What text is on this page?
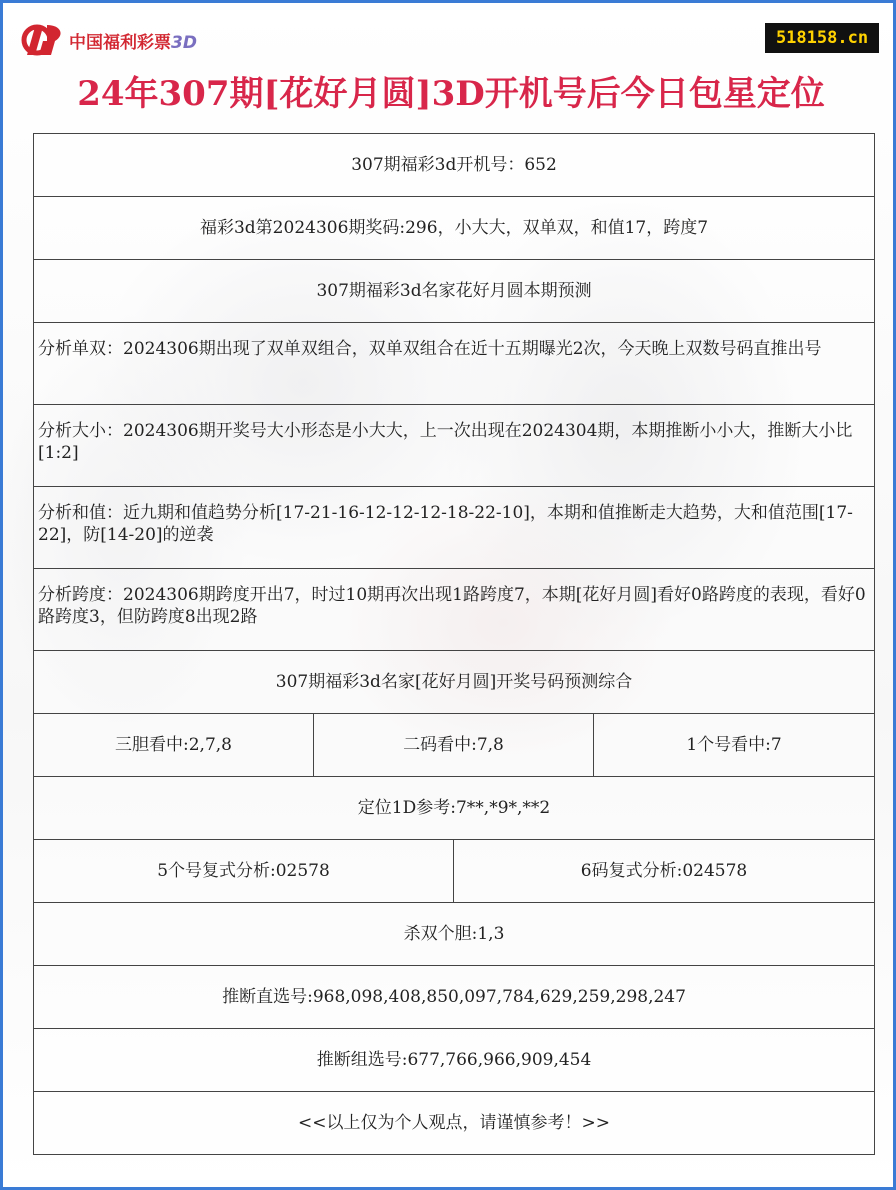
中国福利彩票3D	518158.cn
24年307期[花好月圆]3D开机号后今日包星定位
307期福彩3d开机号：652			
福彩3d第2024306期奖码:296，小大大，双单双，和值17，跨度7			
307期福彩3d名家花好月圆本期预测			
分析单双：2024306期出现了双单双组合，双单双组合在近十五期曝光2次，今天晚上双数号码直推出号			
分析大小：2024306期开奖号大小形态是小大大，上一次出现在2024304期，本期推断小小大，推断大小比[1:2]			
分析和值：近九期和值趋势分析[17-21-16-12-12-12-18-22-10]，本期和值推断走大趋势，大和值范围[17-22]，防[14-20]的逆袭			
分析跨度：2024306期跨度开出7，时过10期再次出现1路跨度7，本期[花好月圆]看好0路跨度的表现，看好0路跨度3，但防跨度8出现2路			
307期福彩3d名家[花好月圆]开奖号码预测综合			
三胆看中:2,7,8	二码看中:7,8		1个号看中:7
定位1D参考:7**,*9*,**2			
5个号复式分析:02578		6码复式分析:024578	
杀双个胆:1,3			
推断直选号:968,098,408,850,097,784,629,259,298,247			
推断组选号:677,766,966,909,454			
<<以上仅为个人观点，请谨慎参考！>>			
